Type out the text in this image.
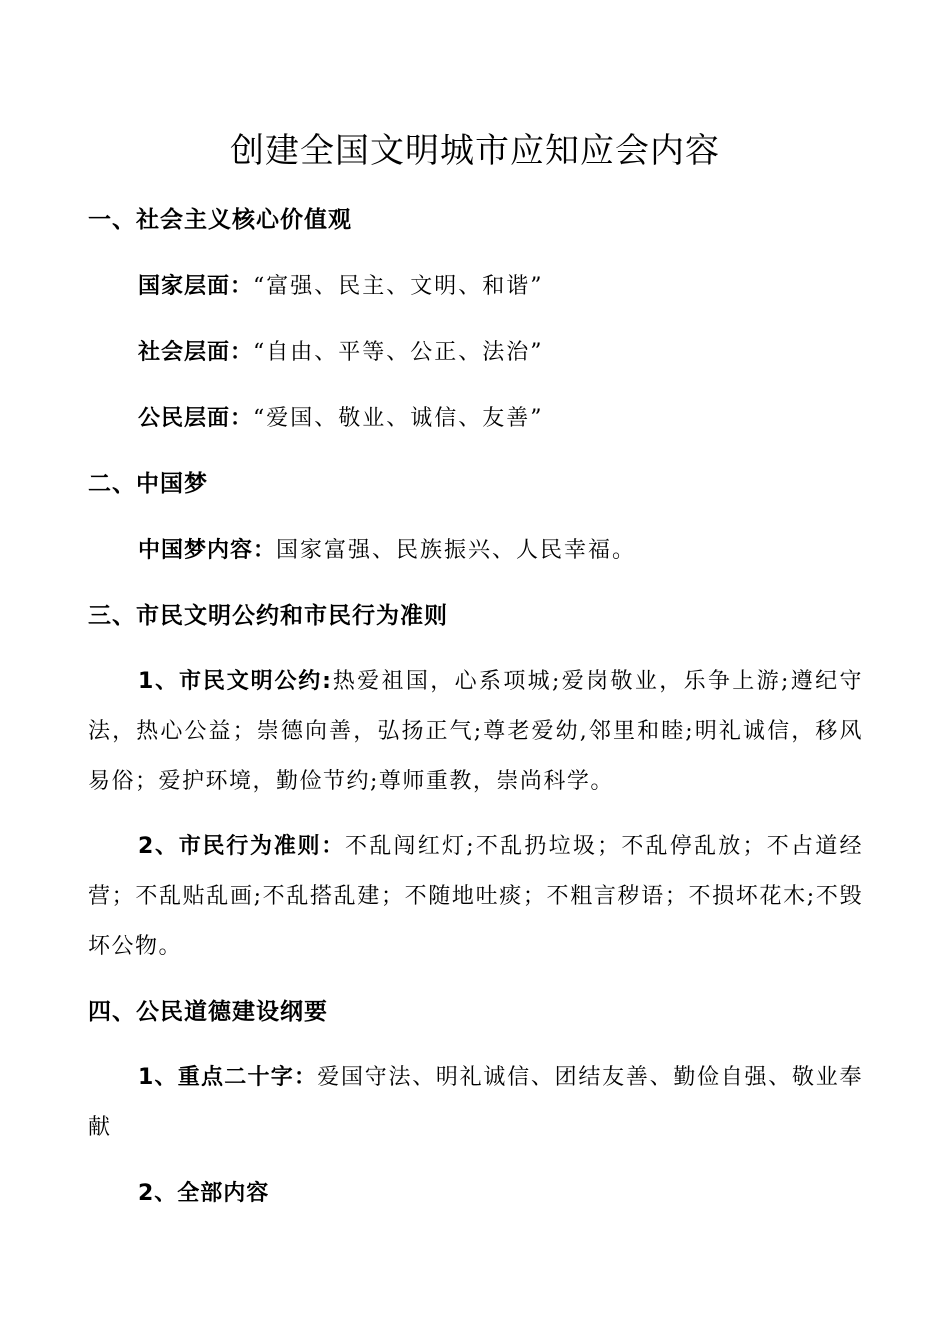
创建全国文明城市应知应会内容
一、社会主义核心价值观
国家层面：“富强、民主、文明、和谐”
社会层面：“自由、平等、公正、法治”
公民层面：“爱国、敬业、诚信、友善”
二、中国梦
中国梦内容：国家富强、民族振兴、人民幸福。
三、市民文明公约和市民行为准则
1、市民文明公约:热爱祖国，心系项城;爱岗敬业，乐争上游;遵纪守法，热心公益；崇德向善，弘扬正气;尊老爱幼,邻里和睦;明礼诚信，移风易俗；爱护环境，勤俭节约;尊师重教，崇尚科学。
2、市民行为准则：不乱闯红灯;不乱扔垃圾；不乱停乱放；不占道经营；不乱贴乱画;不乱搭乱建；不随地吐痰；不粗言秽语；不损坏花木;不毁坏公物。
四、公民道德建设纲要
1、重点二十字：爱国守法、明礼诚信、团结友善、勤俭自强、敬业奉献
2、全部内容
